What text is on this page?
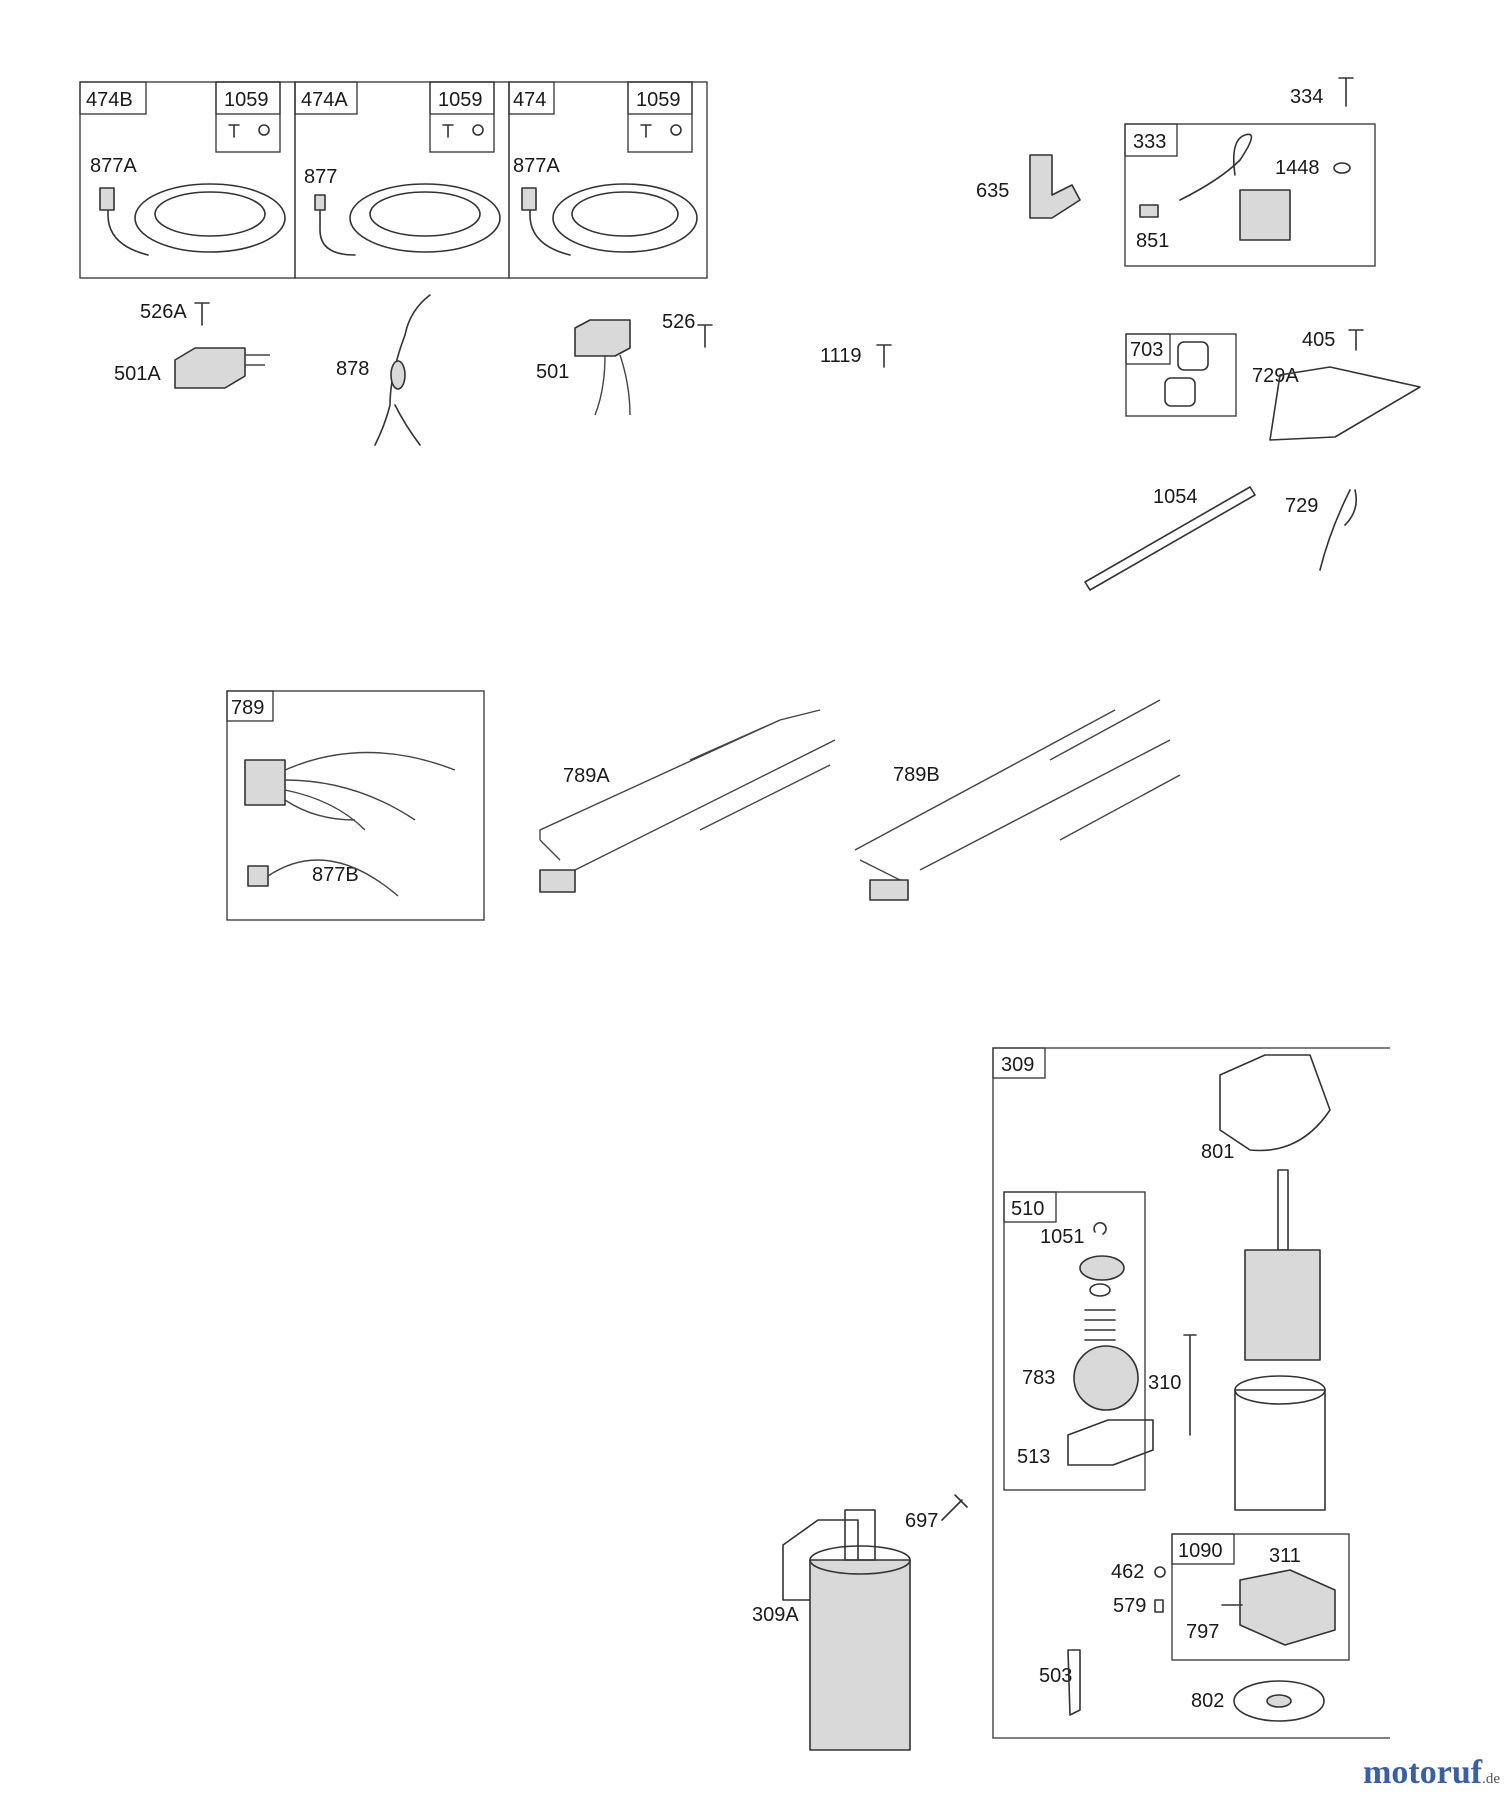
474B	1059
877A
474A	1059
877
474	1059
877A
526A
501A	878	501
526
1119
635
334
333
1448
851
405
703
729A
1054	729
789
877B
789A	789B
697
309A
309
801
310
510
1051
783
513
1090 311
797
462
579
503
802
motoruf.de
